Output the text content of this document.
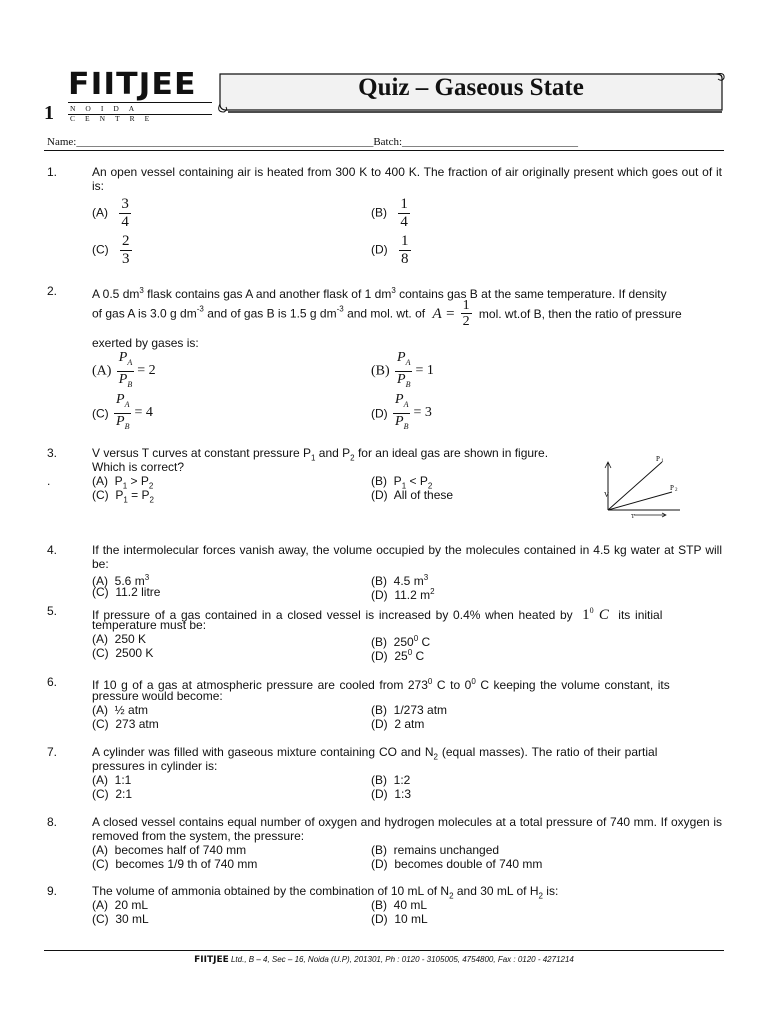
FIITJEE
NOIDA CENTRE
1
Quiz – Gaseous State
Name:______________________________________________________Batch:________________________________
1.	An open vessel containing air is heated from 300 K to 400 K. The fraction of air originally present which goes out of it is:
$(A) \frac{3}{4}$	$(B) \frac{1}{4}$
$(C) \frac{2}{3}$	$(D) \frac{1}{8}$
2.	A 0.5 $dm^3$ flask contains gas A and another flask of 1 $dm^3$ contains gas B at the same temperature. If density
of gas A is 3.0 g $dm^{-3}$ and of gas B is 1.5 g $dm^{-3}$ and mol. wt. of $A = \frac{1}{2}$ mol. wt.of B, then the ratio of pressure
exerted by gases is:
$(A) \frac{P_A}{P_B} = 2$	$(B) \frac{P_A}{P_B} = 1$
$(C) \frac{P_A}{P_B} = 4$	$(D) \frac{P_A}{P_B} = 3$
3.	V versus T curves at constant pressure $P_1$ and $P_2$ for an ideal gas are shown in figure.
Which is correct?
.	(A) $P_1 > P_2$	(B) $P_1 < P_2$
(C) $P_1 = P_2$	(D) All of these
P 1
P 2
V
T
4.	If the intermolecular forces vanish away, the volume occupied by the molecules contained in 4.5 kg water at STP will be:
(A) 5.6 $m^3$	(B) 4.5 $m^3$
(C) 11.2 litre	(D) 11.2 $m^2$
5.	If pressure of a gas contained in a closed vessel is increased by 0.4% when heated by $1^0$ C its initial
temperature must be:
(A) 250 K	(B) $250^0$ C
(C) 2500 K	(D) $25^0$ C
6.	If 10 g of a gas at atmospheric pressure are cooled from $273^0$ C to $0^0$ C keeping the volume constant, its
pressure would become:
(A) ½ atm	(B) 1/273 atm
(C) 273 atm	(D) 2 atm
7.	A cylinder was filled with gaseous mixture containing CO and $N_2$ (equal masses). The ratio of their partial
pressures in cylinder is:
(A) 1:1	(B) 1:2
(C) 2:1	(D) 1:3
8.	A closed vessel contains equal number of oxygen and hydrogen molecules at a total pressure of 740 mm. If oxygen is removed from the system, the pressure:
(A) becomes half of 740 mm	(B) remains unchanged
(C) becomes 1/9 th of 740 mm	(D) becomes double of 740 mm
9.	The volume of ammonia obtained by the combination of 10 mL of $N_2$ and 30 mL of $H_2$ is:
(A) 20 mL	(B) 40 mL
(C) 30 mL	(D) 10 mL
FIITJEE Ltd., B – 4, Sec – 16, Noida (U.P), 201301, Ph : 0120 - 3105005, 4754800, Fax : 0120 - 4271214
